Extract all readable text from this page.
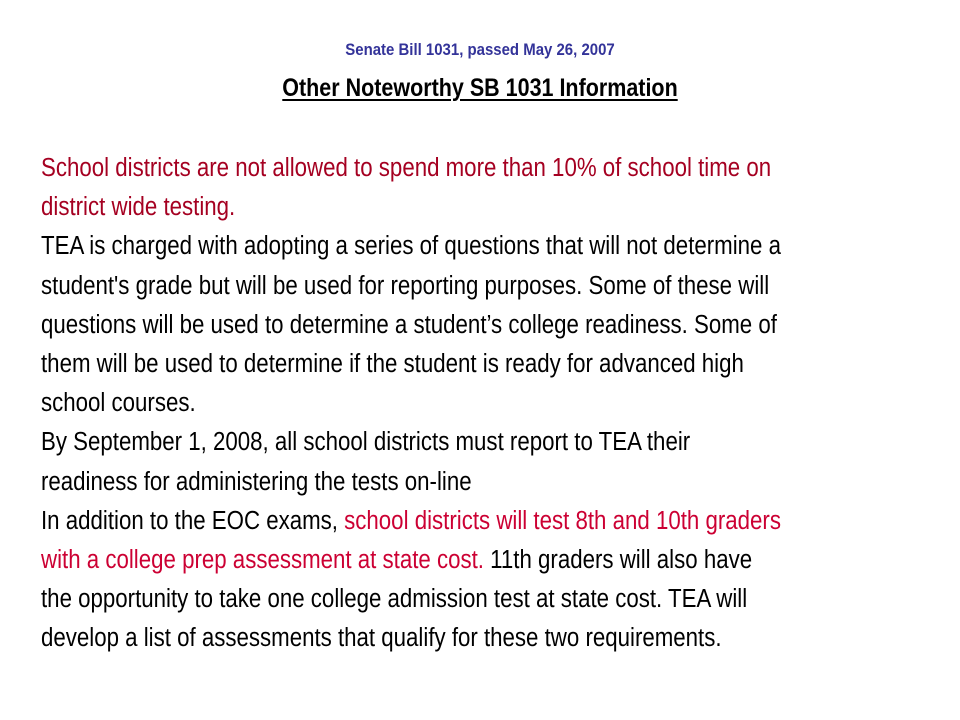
Senate Bill 1031, passed May 26, 2007
Other Noteworthy SB 1031 Information

School districts are not allowed to spend more than 10% of school time on
district wide testing.

TEA is charged with adopting a series of questions that will not determine a
student's grade but will be used for reporting purposes. Some of these will
questions will be used to determine a student’s college readiness. Some of
them will be used to determine if the student is ready for advanced high
school courses.

By September 1, 2008, all school districts must report to TEA their
readiness for administering the tests on-line

In addition to the EOC exams, school districts will test 8th and 10th graders
with a college prep assessment at state cost. 11th graders will also have
the opportunity to take one college admission test at state cost. TEA will
develop a list of assessments that qualify for these two requirements.
